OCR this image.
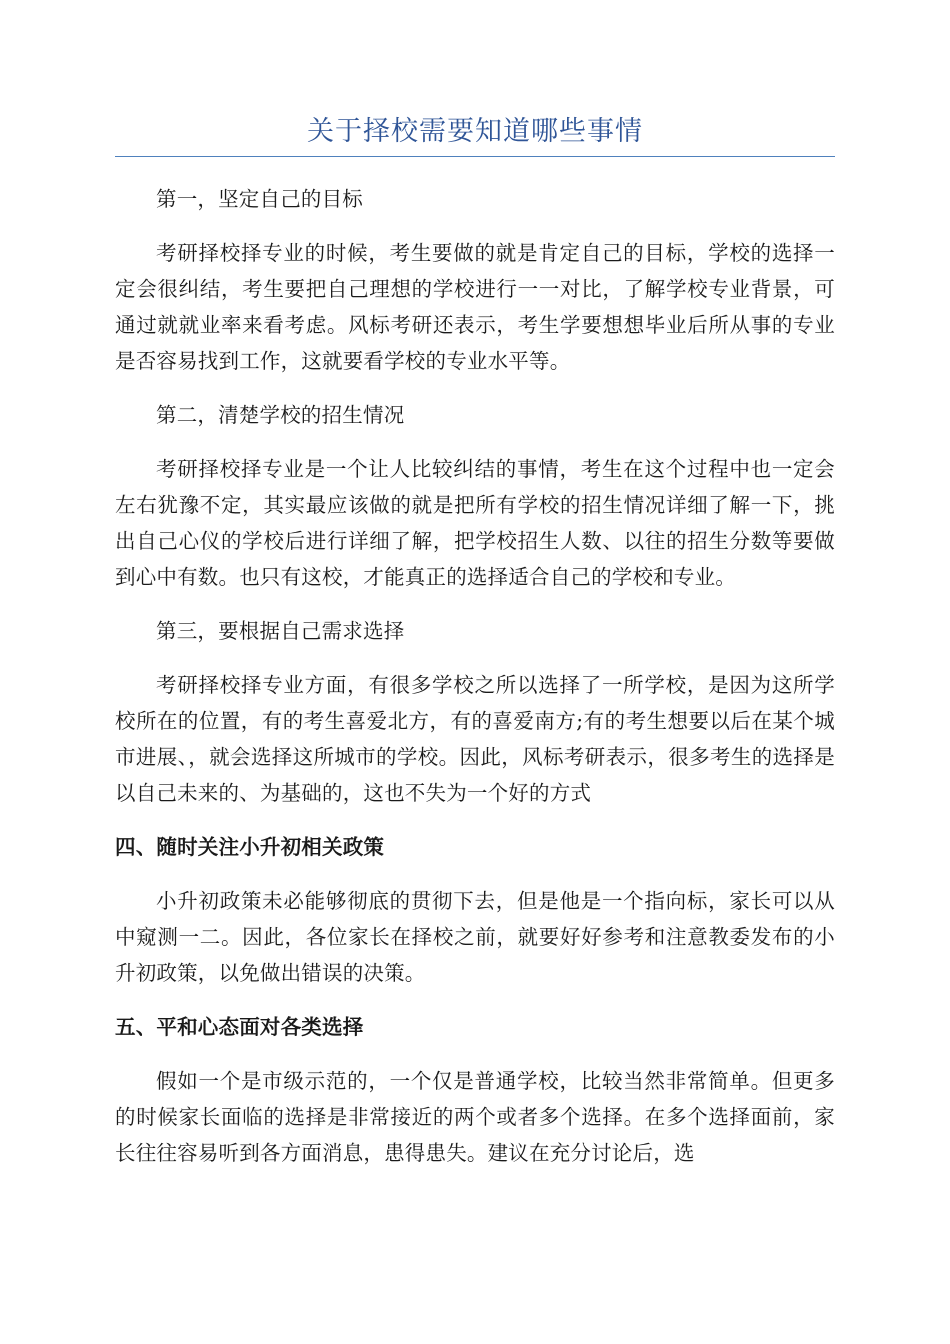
关于择校需要知道哪些事情

第一，坚定自己的目标

考研择校择专业的时候，考生要做的就是肯定自己的目标，学校的选择一定会很纠结，考生要把自己理想的学校进行一一对比，了解学校专业背景，可通过就就业率来看考虑。风标考研还表示，考生学要想想毕业后所从事的专业是否容易找到工作，这就要看学校的专业水平等。

第二，清楚学校的招生情况

考研择校择专业是一个让人比较纠结的事情，考生在这个过程中也一定会左右犹豫不定，其实最应该做的就是把所有学校的招生情况详细了解一下，挑出自己心仪的学校后进行详细了解，把学校招生人数、以往的招生分数等要做到心中有数。也只有这校，才能真正的选择适合自己的学校和专业。

第三，要根据自己需求选择

考研择校择专业方面，有很多学校之所以选择了一所学校，是因为这所学校所在的位置，有的考生喜爱北方，有的喜爱南方;有的考生想要以后在某个城市进展、，就会选择这所城市的学校。因此，风标考研表示，很多考生的选择是以自己未来的、为基础的，这也不失为一个好的方式

四、随时关注小升初相关政策

小升初政策未必能够彻底的贯彻下去，但是他是一个指向标，家长可以从中窥测一二。因此，各位家长在择校之前，就要好好参考和注意教委发布的小升初政策，以免做出错误的决策。

五、平和心态面对各类选择

假如一个是市级示范的，一个仅是普通学校，比较当然非常简单。但更多的时候家长面临的选择是非常接近的两个或者多个选择。在多个选择面前，家长往往容易听到各方面消息，患得患失。建议在充分讨论后，选
